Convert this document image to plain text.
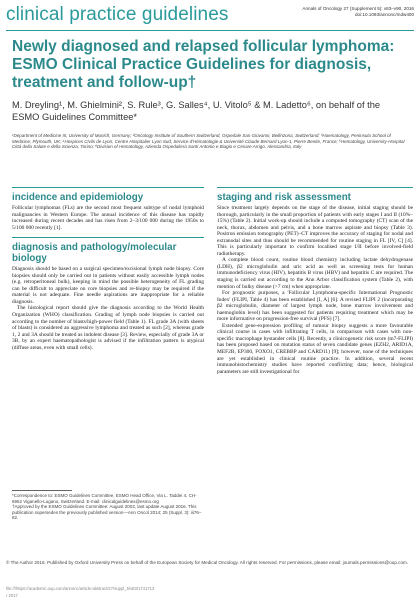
clinical practice guidelines	Annals of Oncology 27 (Supplement 5): v83–v90, 2016
doi:10.1093/annonc/mdw400
Newly diagnosed and relapsed follicular lymphoma: ESMO Clinical Practice Guidelines for diagnosis, treatment and follow-up†

M. Dreyling¹, M. Ghielmini², S. Rule³, G. Salles⁴, U. Vitolo⁵ & M. Ladetto⁶, on behalf of the ESMO Guidelines Committee*

¹Department of Medicine III, University of Munich, Germany; ²Oncology Institute of Southern Switzerland, Ospedale San Giovanni, Bellinzona, Switzerland; ³Haematology, Peninsula School of Medicine, Plymouth, UK; ⁴Hospices Civils de Lyon, Centre Hospitalier Lyon Sud, Service d'Hématologie & Université Claude Bernard Lyon-1, Pierre Benite, France; ⁵Hematology, University-Hospital Città della Salute e della Scienza, Torino; ⁶Division of Hematology, Azienda Ospedaliera Santi Antonio e Biagio e Cesare Arrigo, Alessandria, Italy

incidence and epidemiology

Follicular lymphomas (FLs) are the second most frequent subtype of nodal lymphoid malignancies in Western Europe. The annual incidence of this disease has rapidly increased during recent decades and has risen from 2–3/100 000 during the 1950s to 5/100 000 recently [1].

diagnosis and pathology/molecular biology

Diagnosis should be based on a surgical specimen/excisional lymph node biopsy. Core biopsies should only be carried out in patients without easily accessible lymph nodes (e.g. retroperitoneal bulk), keeping in mind the possible heterogeneity of FL grading can be difficult to appreciate on core biopsies and re-biopsy may be required if the material is not adequate. Fine needle aspirations are inappropriate for a reliable diagnosis.

The histological report should give the diagnosis according to the World Health Organization (WHO) classification. Grading of lymph node biopsies is carried out according to the number of blasts/high-power field (Table 1). FL grade 3A (with sheets of blasts) is considered an aggressive lymphoma and treated as such [2], whereas grade 1, 2 and 3A should be treated as indolent disease [3]. Review, especially of grade 3A or 3B, by an expert haematopathologist is advised if the infiltration pattern is atypical (diffuse areas, even with small cells).

*Correspondence to: ESMO Guidelines Committee, ESMO Head Office, Via L. Taddei 4, CH-6962 Viganello-Lugano, Switzerland. E-mail: clinicalguidelines@esmo.org
†Approved by the ESMO Guidelines Committee: August 2002, last update August 2016. This publication supersedes the previously published version—Ann Oncol 2014; 25 (Suppl. 3): iii76–82.
staging and risk assessment

Since treatment largely depends on the stage of the disease, initial staging should be thorough, particularly in the small proportion of patients with early stages I and II (10%–15%) (Table 2). Initial work-up should include a computed tomography (CT) scan of the neck, thorax, abdomen and pelvis, and a bone marrow aspirate and biopsy (Table 3). Positron emission tomography (PET)–CT improves the accuracy of staging for nodal and extranodal sites and thus should be recommended for routine staging in FL [IV, C] [4]. This is particularly important to confirm localised stage I/II before involved-field radiotherapy.

A complete blood count, routine blood chemistry including lactate dehydrogenase (LDH), β2 microglobulin and uric acid as well as screening tests for human immunodeficiency virus (HIV), hepatitis B virus (HBV) and hepatitis C are required. The staging is carried out according to the Ann Arbor classification system (Table 2), with mention of bulky disease (>7 cm) when appropriate.

For prognostic purposes, a 'Follicular Lymphoma-specific International Prognostic Index' (FLIPI, Table 4) has been established [I, A] [6]. A revised FLIPI 2 (incorporating β2 microglobulin, diameter of largest lymph node, bone marrow involvement and haemoglobin level) has been suggested for patients requiring treatment which may be more informative on progression-free survival (PFS) [7].

Extended gene-expression profiling of tumour biopsy suggests a more favourable clinical course in cases with infiltrating T cells, in comparison with cases with non-specific macrophage bystander cells [8]. Recently, a clinicogenetic risk score (m7-FLIPI) has been proposed based on mutation status of seven candidate genes (EZH2, ARID1A, MEF2B, EP300, FOXO1, CREBBP and CARD11) [9]; however, none of the techniques are yet established in clinical routine practice. In addition, several recent immunohistochemistry studies have reported conflicting data; hence, biological parameters are still investigational for

© The Author 2016. Published by Oxford University Press on behalf of the European Society for Medical Oncology. All rights reserved. For permissions, please email: journals.permissions@oup.com.
file:///https://academic.oup.com/annonc/article-abstract/27/suppl_5/v83/1741713
r 2017
